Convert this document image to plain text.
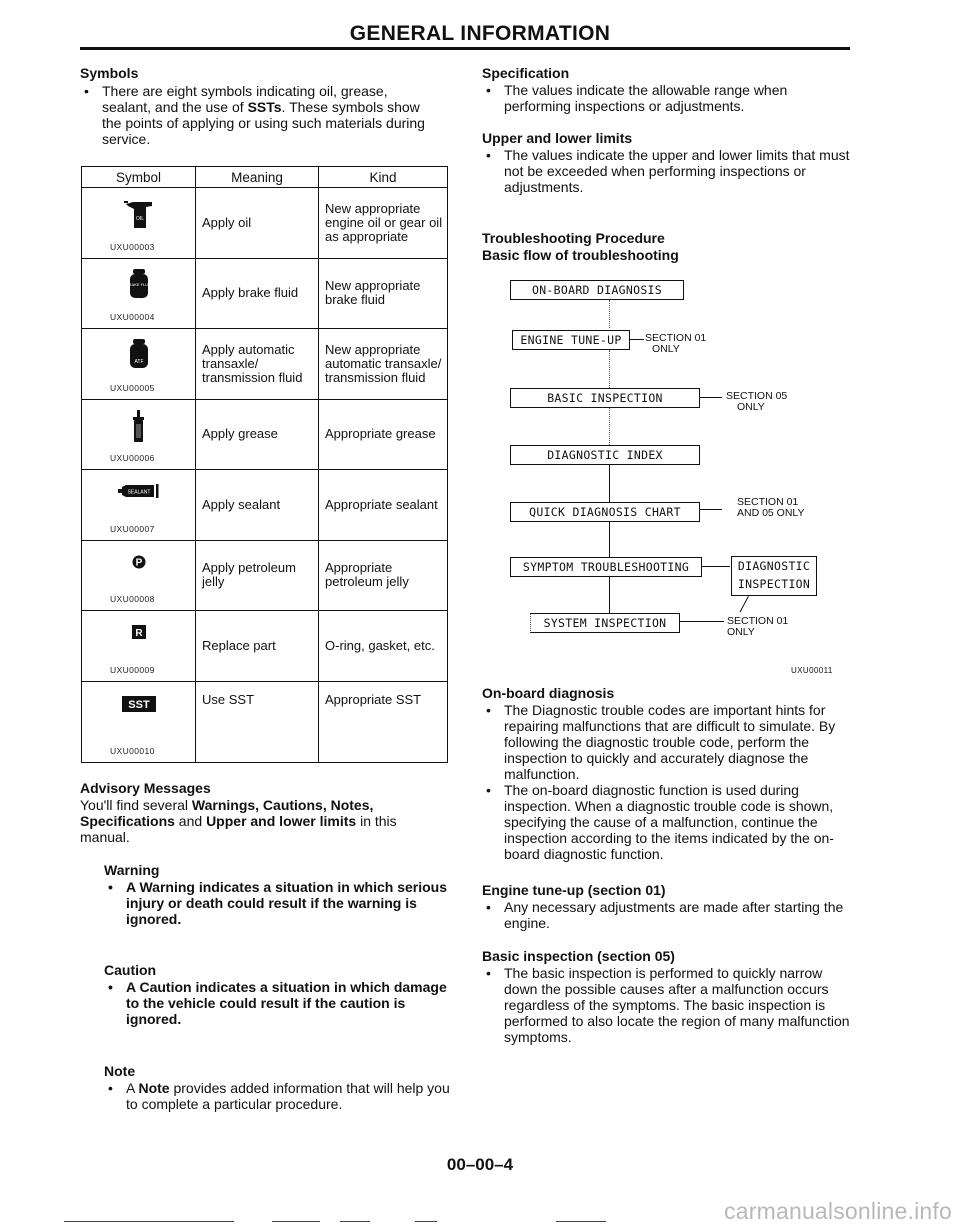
GENERAL INFORMATION
Symbols
• There are eight symbols indicating oil, grease, sealant, and the use of SSTs. These symbols show the points of applying or using such materials during service.
Symbol	Meaning	Kind

OIL
UXU00003	Apply oil	New appropriate engine oil or gear oil as appropriate

BRAKE FLUID
UXU00004	Apply brake fluid	New appropriate brake fluid

ATF
UXU00005	Apply automatic transaxle/ transmission fluid	New appropriate automatic transaxle/ transmission fluid

UXU00006	Apply grease	Appropriate grease

SEALANT
UXU00007	Apply sealant	Appropriate sealant

P
UXU00008	Apply petroleum jelly	Appropriate petroleum jelly

R
UXU00009	Replace part	O-ring, gasket, etc.

SST
UXU00010	Use SST	Appropriate SST
Advisory Messages
You'll find several Warnings, Cautions, Notes, Specifications and Upper and lower limits in this manual.
Warning
• A Warning indicates a situation in which serious injury or death could result if the warning is ignored.
Caution
• A Caution indicates a situation in which damage to the vehicle could result if the caution is ignored.
Note
• A Note provides added information that will help you to complete a particular procedure.
Specification
• The values indicate the allowable range when performing inspections or adjustments.
Upper and lower limits
• The values indicate the upper and lower limits that must not be exceeded when performing inspections or adjustments.
Troubleshooting Procedure
Basic flow of troubleshooting
ON-BOARD DIAGNOSIS
ENGINE TUNE-UP	SECTION 01
ONLY
BASIC INSPECTION	SECTION 05
ONLY
DIAGNOSTIC INDEX
QUICK DIAGNOSIS CHART
SECTION 01
AND 05 ONLY
SYMPTOM TROUBLESHOOTING	DIAGNOSTIC
INSPECTION
SYSTEM INSPECTION	SECTION 01
ONLY
UXU00011
On-board diagnosis
• The Diagnostic trouble codes are important hints for repairing malfunctions that are difficult to simulate. By following the diagnostic trouble code, perform the inspection to quickly and accurately diagnose the malfunction.
• The on-board diagnostic function is used during inspection. When a diagnostic trouble code is shown, specifying the cause of a malfunction, continue the inspection according to the items indicated by the on-board diagnostic function.
Engine tune-up (section 01)
• Any necessary adjustments are made after starting the engine.
Basic inspection (section 05)
• The basic inspection is performed to quickly narrow down the possible causes after a malfunction occurs regardless of the symptoms. The basic inspection is performed to also locate the region of many malfunction symptoms.
00–00–4
carmanualsonline.info
